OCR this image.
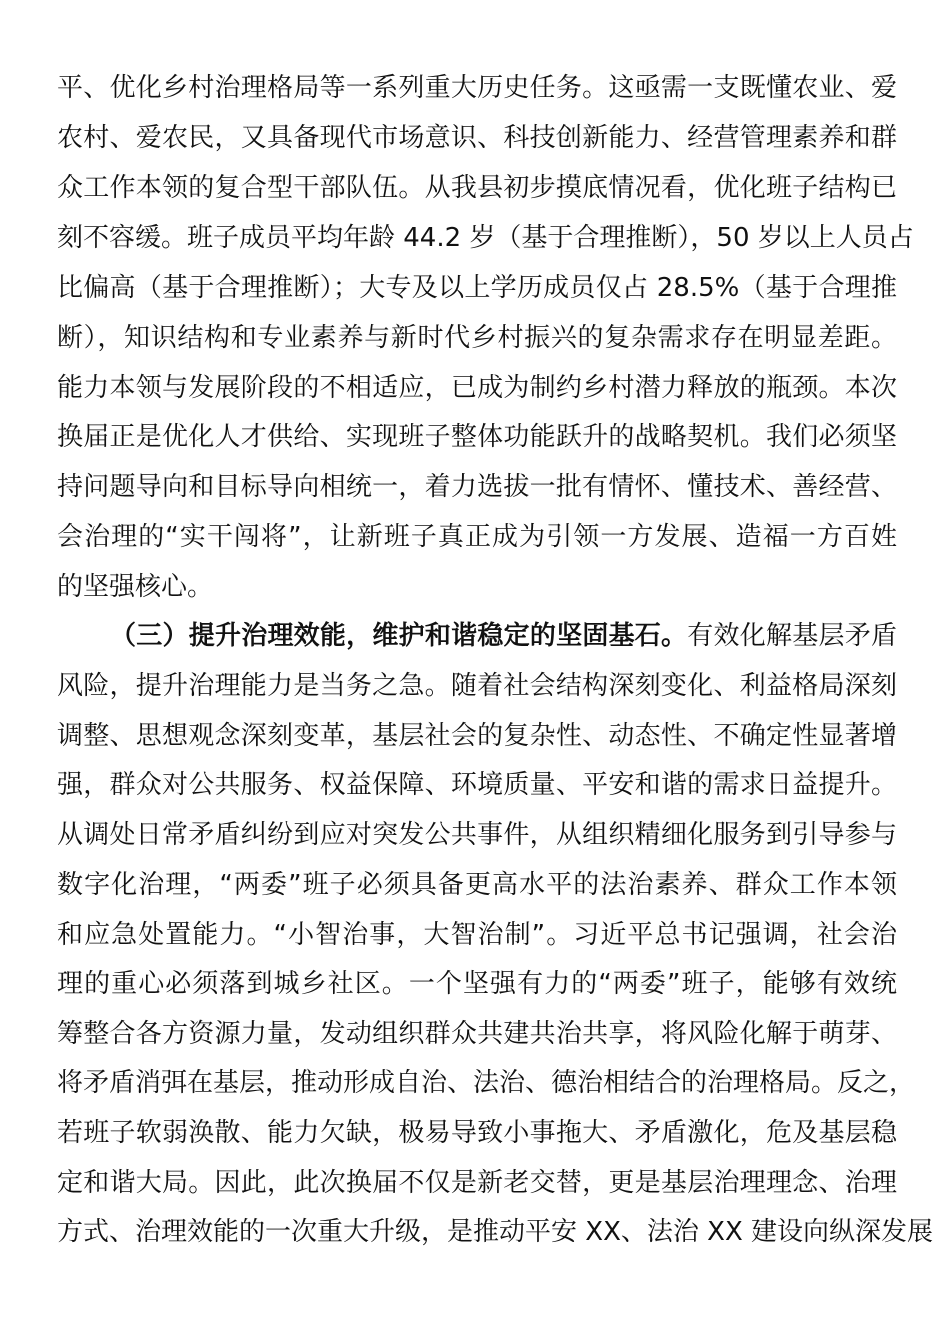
平、优化乡村治理格局等一系列重大历史任务。这亟需一支既懂农业、爱
农村、爱农民，又具备现代市场意识、科技创新能力、经营管理素养和群
众工作本领的复合型干部队伍。从我县初步摸底情况看，优化班子结构已
刻不容缓。班子成员平均年龄 44.2 岁（基于合理推断），50 岁以上人员占
比偏高（基于合理推断）；大专及以上学历成员仅占 28.5%（基于合理推
断），知识结构和专业素养与新时代乡村振兴的复杂需求存在明显差距。
能力本领与发展阶段的不相适应，已成为制约乡村潜力释放的瓶颈。本次
换届正是优化人才供给、实现班子整体功能跃升的战略契机。我们必须坚
持问题导向和目标导向相统一，着力选拔一批有情怀、懂技术、善经营、
会治理的“实干闯将”，让新班子真正成为引领一方发展、造福一方百姓
的坚强核心。
（三）提升治理效能，维护和谐稳定的坚固基石。有效化解基层矛盾
风险，提升治理能力是当务之急。随着社会结构深刻变化、利益格局深刻
调整、思想观念深刻变革，基层社会的复杂性、动态性、不确定性显著增
强，群众对公共服务、权益保障、环境质量、平安和谐的需求日益提升。
从调处日常矛盾纠纷到应对突发公共事件，从组织精细化服务到引导参与
数字化治理，“两委”班子必须具备更高水平的法治素养、群众工作本领
和应急处置能力。“小智治事，大智治制”。习近平总书记强调，社会治
理的重心必须落到城乡社区。一个坚强有力的“两委”班子，能够有效统
筹整合各方资源力量，发动组织群众共建共治共享，将风险化解于萌芽、
将矛盾消弭在基层，推动形成自治、法治、德治相结合的治理格局。反之，
若班子软弱涣散、能力欠缺，极易导致小事拖大、矛盾激化，危及基层稳
定和谐大局。因此，此次换届不仅是新老交替，更是基层治理理念、治理
方式、治理效能的一次重大升级，是推动平安 XX、法治 XX 建设向纵深发展
